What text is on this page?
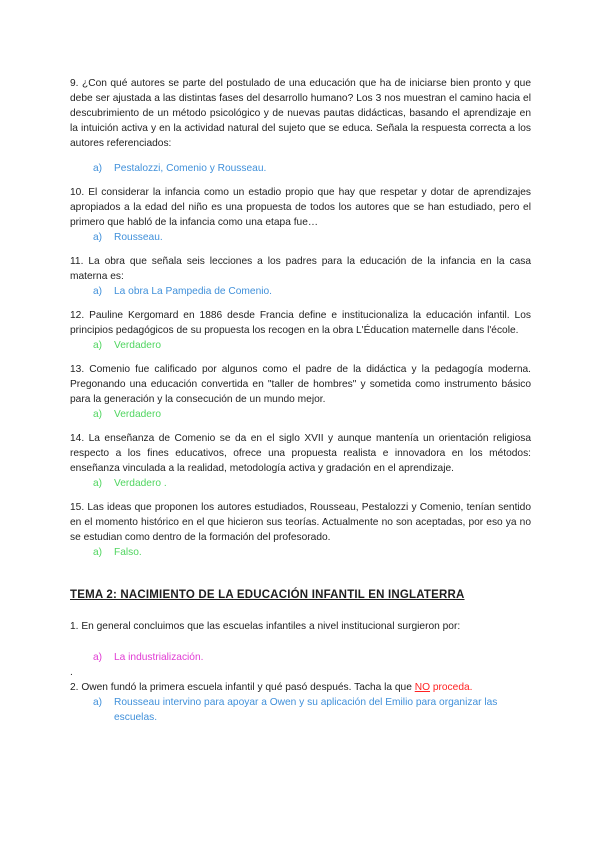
9. ¿Con qué autores se parte del postulado de una educación que ha de iniciarse bien pronto y que debe ser ajustada a las distintas fases del desarrollo humano? Los 3 nos muestran el camino hacia el descubrimiento de un método psicológico y de nuevas pautas didácticas, basando el aprendizaje en la intuición activa y en la actividad natural del sujeto que se educa. Señala la respuesta correcta a los autores referenciados:

a)	Pestalozzi, Comenio y Rousseau.

10. El considerar la infancia como un estadio propio que hay que respetar y dotar de aprendizajes apropiados a la edad del niño es una propuesta de todos los autores que se han estudiado, pero el primero que habló de la infancia como una etapa fue…

a)	Rousseau.

11. La obra que señala seis lecciones a los padres para la educación de la infancia en la casa materna es:

a)	La obra La Pampedia de Comenio.

12. Pauline Kergomard en 1886 desde Francia define e institucionaliza la educación infantil. Los principios pedagógicos de su propuesta los recogen en la obra L'Éducation maternelle dans l'école.

a)	Verdadero

13. Comenio fue calificado por algunos como el padre de la didáctica y la pedagogía moderna. Pregonando una educación convertida en "taller de hombres" y sometida como instrumento básico para la generación y la consecución de un mundo mejor.

a)	Verdadero

14. La enseñanza de Comenio se da en el siglo XVII y aunque mantenía un orientación religiosa respecto a los fines educativos, ofrece una propuesta realista e innovadora en los métodos: enseñanza vinculada a la realidad, metodología activa y gradación en el aprendizaje.

a)	Verdadero .

15. Las ideas que proponen los autores estudiados, Rousseau, Pestalozzi y Comenio, tenían sentido en el momento histórico en el que hicieron sus teorías. Actualmente no son aceptadas, por eso ya no se estudian como dentro de la formación del profesorado.

a)	Falso.

TEMA 2: NACIMIENTO DE LA EDUCACIÓN INFANTIL EN INGLATERRA

1. En general concluimos que las escuelas infantiles a nivel institucional surgieron por:

a)	La industrialización.

.

2. Owen fundó la primera escuela infantil y qué pasó después. Tacha la que NO proceda.

a)	Rousseau intervino para apoyar a Owen y su aplicación del Emilio para organizar las escuelas.
